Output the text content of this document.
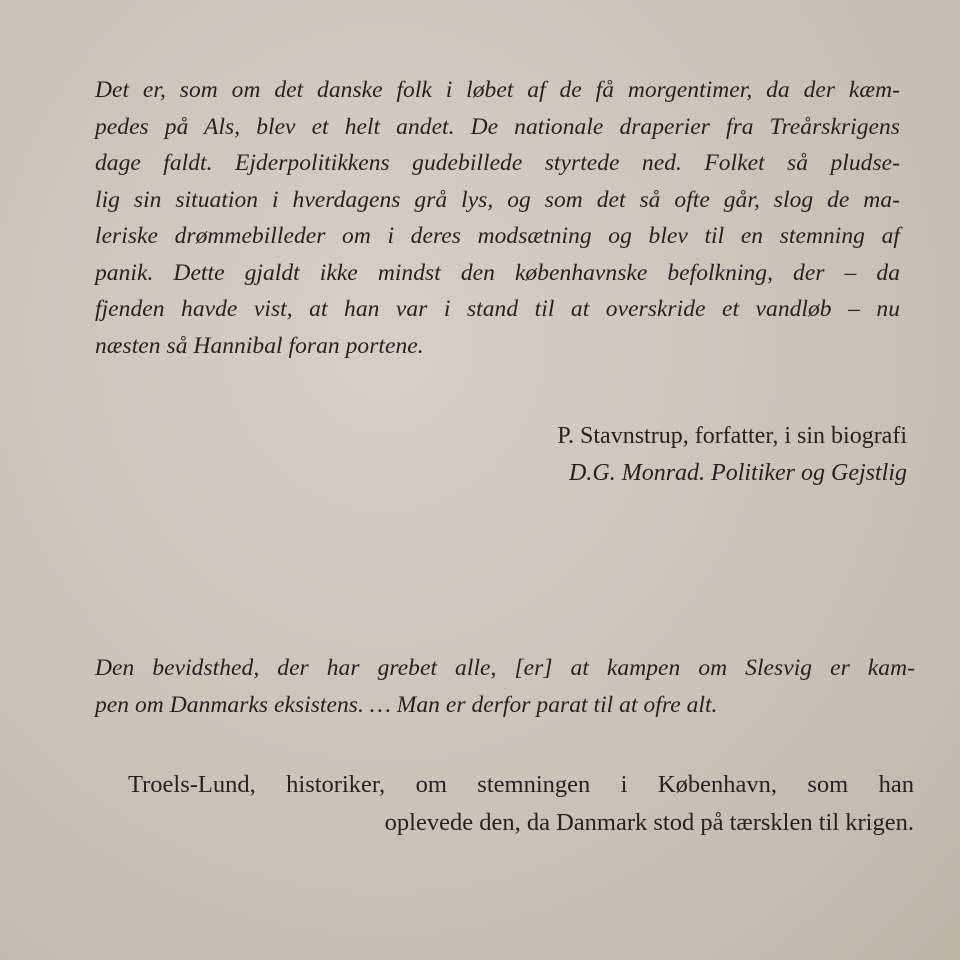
Det er, som om det danske folk i løbet af de få morgentimer, da der kæm-
pedes på Als, blev et helt andet. De nationale draperier fra Treårskrigens
dage faldt. Ejderpolitikkens gudebillede styrtede ned. Folket så pludse-
lig sin situation i hverdagens grå lys, og som det så ofte går, slog de ma-
leriske drømmebilleder om i deres modsætning og blev til en stemning af
panik. Dette gjaldt ikke mindst den københavnske befolkning, der – da
fjenden havde vist, at han var i stand til at overskride et vandløb – nu
næsten så Hannibal foran portene.
P. Stavnstrup, forfatter, i sin biografi
D.G. Monrad. Politiker og Gejstlig
Den bevidsthed, der har grebet alle, [er] at kampen om Slesvig er kam-
pen om Danmarks eksistens. … Man er derfor parat til at ofre alt.
Troels-Lund, historiker, om stemningen i København, som han
oplevede den, da Danmark stod på tærsklen til krigen.
